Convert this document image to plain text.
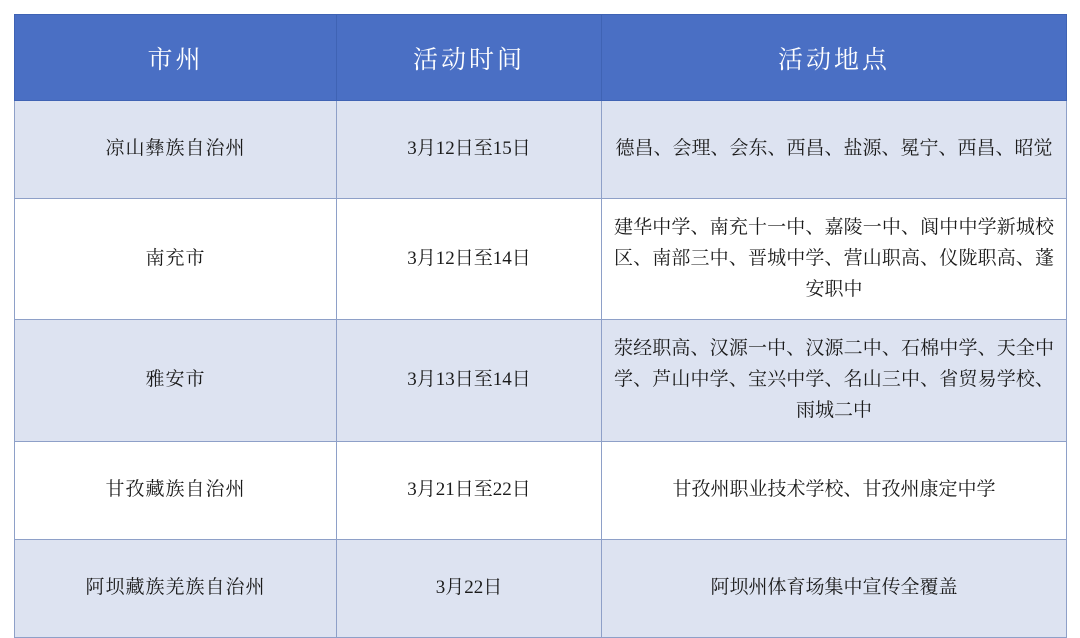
市州	活动时间	活动地点
凉山彝族自治州	3月12日至15日	德昌、会理、会东、西昌、盐源、冕宁、西昌、昭觉
南充市	3月12日至14日	建华中学、南充十一中、嘉陵一中、阆中中学新城校区、南部三中、晋城中学、营山职高、仪陇职高、蓬安职中
雅安市	3月13日至14日	荥经职高、汉源一中、汉源二中、石棉中学、天全中学、芦山中学、宝兴中学、名山三中、省贸易学校、雨城二中
甘孜藏族自治州	3月21日至22日	甘孜州职业技术学校、甘孜州康定中学
阿坝藏族羌族自治州	3月22日	阿坝州体育场集中宣传全覆盖
